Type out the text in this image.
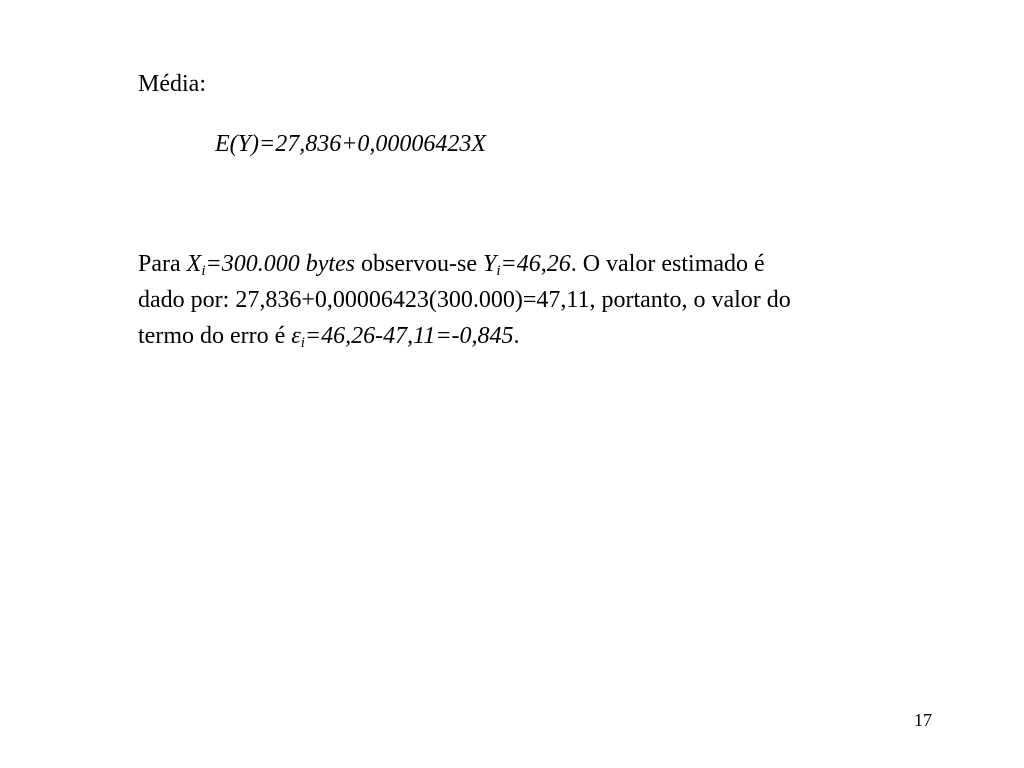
Média:
E(Y)=27,836+0,00006423X
Para $X_i=300.000$ bytes observou-se $Y_i=46,26$. O valor estimado é
dado por: 27,836+0,00006423(300.000)=47,11, portanto, o valor do
termo do erro é $\varepsilon_i=46,26-47,11=-0,845$.
17
